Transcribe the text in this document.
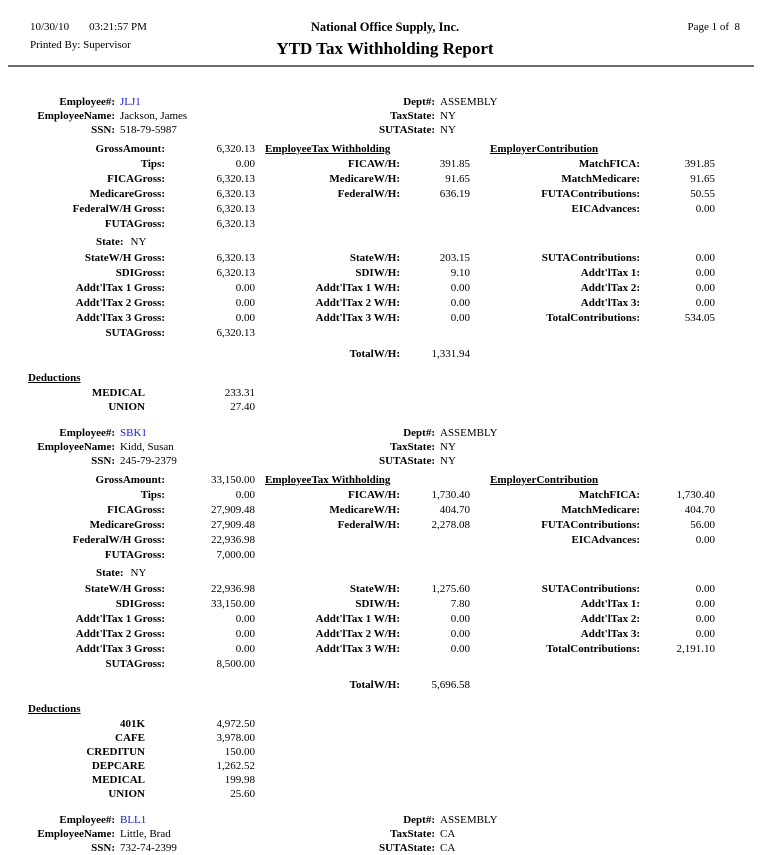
10/30/10 03:21:57 PM
Printed By: Supervisor
National Office Supply, Inc.
YTD Tax Withholding Report
Page 1 of  8
Employee#: JLJ1	Dept#: ASSEMBLY
EmployeeName: Jackson, James	TaxState: NY
SSN: 518-79-5987	SUTAState: NY
GrossAmount:	6,320.13 EmployeeTax Withholding	EmployerContribution
Tips:	0.00	FICAW/H:	391.85	MatchFICA:	391.85
FICAGross:	6,320.13	MedicareW/H:	91.65	MatchMedicare:	91.65
MedicareGross:	6,320.13	FederalW/H:	636.19	FUTAContributions:	50.55
FederalW/H Gross:	6,320.13	EICAdvances:	0.00
FUTAGross:	6,320.13
State: NY
StateW/H Gross:	6,320.13	StateW/H:	203.15	SUTAContributions:	0.00
SDIGross:	6,320.13	SDIW/H:	9.10	Addt'lTax 1:	0.00
Addt'lTax 1 Gross:	0.00	Addt'lTax 1 W/H:	0.00	Addt'lTax 2:	0.00
Addt'lTax 2 Gross:	0.00	Addt'lTax 2 W/H:	0.00	Addt'lTax 3:	0.00
Addt'lTax 3 Gross:	0.00	Addt'lTax 3 W/H:	0.00	TotalContributions:	534.05
SUTAGross:	6,320.13
TotalW/H:	1,331.94
Deductions
MEDICAL	233.31
UNION	27.40
Employee#: SBK1	Dept#: ASSEMBLY
EmployeeName: Kidd, Susan	TaxState: NY
SSN: 245-79-2379	SUTAState: NY
GrossAmount:	33,150.00 EmployeeTax Withholding	EmployerContribution
Tips:	0.00	FICAW/H:	1,730.40	MatchFICA:	1,730.40
FICAGross:	27,909.48	MedicareW/H:	404.70	MatchMedicare:	404.70
MedicareGross:	27,909.48	FederalW/H:	2,278.08	FUTAContributions:	56.00
FederalW/H Gross:	22,936.98	EICAdvances:	0.00
FUTAGross:	7,000.00
State: NY
StateW/H Gross:	22,936.98	StateW/H:	1,275.60	SUTAContributions:	0.00
SDIGross:	33,150.00	SDIW/H:	7.80	Addt'lTax 1:	0.00
Addt'lTax 1 Gross:	0.00	Addt'lTax 1 W/H:	0.00	Addt'lTax 2:	0.00
Addt'lTax 2 Gross:	0.00	Addt'lTax 2 W/H:	0.00	Addt'lTax 3:	0.00
Addt'lTax 3 Gross:	0.00	Addt'lTax 3 W/H:	0.00	TotalContributions:	2,191.10
SUTAGross:	8,500.00
TotalW/H:	5,696.58
Deductions
401K	4,972.50
CAFE	3,978.00
CREDITUN	150.00
DEPCARE	1,262.52
MEDICAL	199.98
UNION	25.60
Employee#: BLL1	Dept#: ASSEMBLY
EmployeeName: Little, Brad	TaxState: CA
SSN: 732-74-2399	SUTAState: CA
